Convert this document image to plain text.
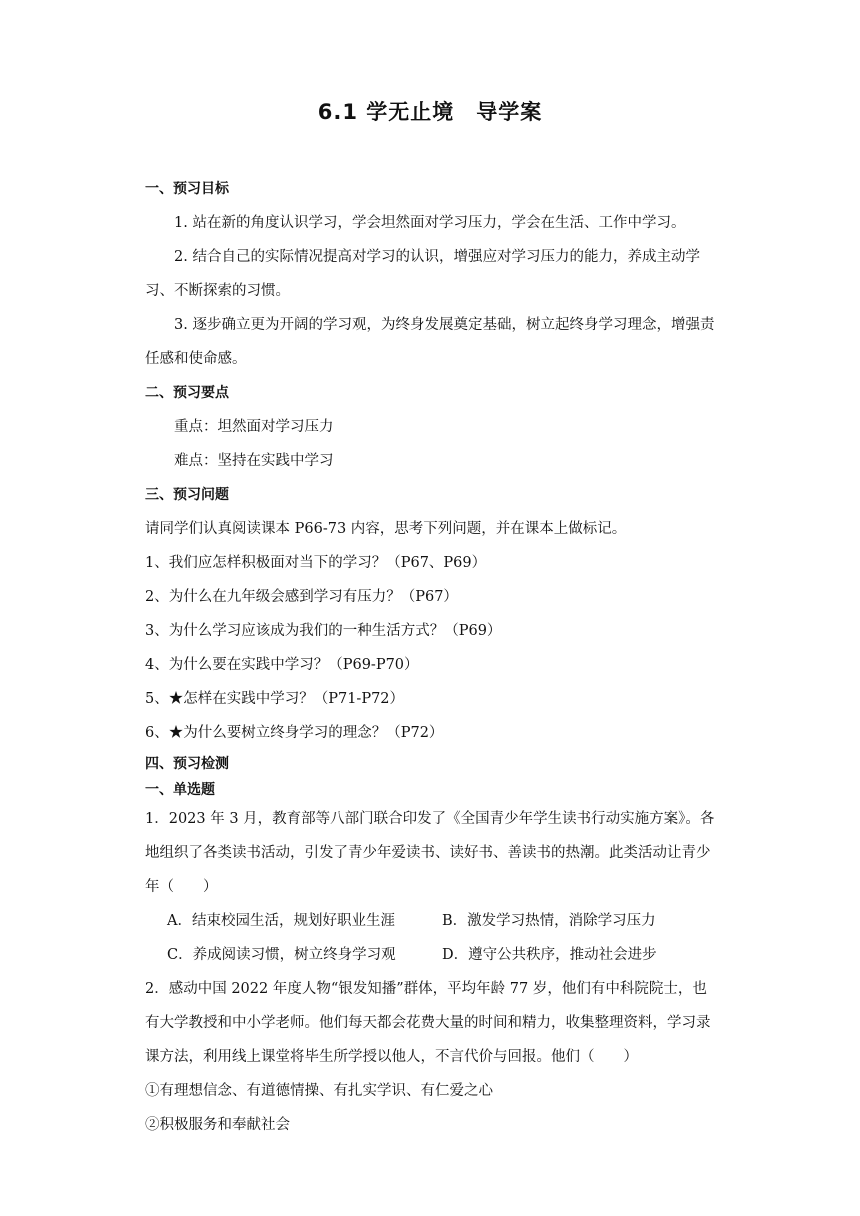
6.1 学无止境　导学案

一、预习目标

1. 站在新的角度认识学习，学会坦然面对学习压力，学会在生活、工作中学习。

2. 结合自己的实际情况提高对学习的认识，增强应对学习压力的能力，养成主动学习、不断探索的习惯。

3. 逐步确立更为开阔的学习观，为终身发展奠定基础，树立起终身学习理念，增强责任感和使命感。

二、预习要点

重点：坦然面对学习压力

难点：坚持在实践中学习

三、预习问题

请同学们认真阅读课本 P66-73 内容，思考下列问题，并在课本上做标记。

1、我们应怎样积极面对当下的学习？（P67、P69）

2、为什么在九年级会感到学习有压力？（P67）

3、为什么学习应该成为我们的一种生活方式？（P69）

4、为什么要在实践中学习？（P69-P70）

5、★怎样在实践中学习？（P71-P72）

6、★为什么要树立终身学习的理念？（P72）

四、预习检测

一、单选题

1．2023 年 3 月，教育部等八部门联合印发了《全国青少年学生读书行动实施方案》。各地组织了各类读书活动，引发了青少年爱读书、读好书、善读书的热潮。此类活动让青少年（　　）

A．结束校园生活，规划好职业生涯	B．激发学习热情，消除学习压力
C．养成阅读习惯，树立终身学习观	D．遵守公共秩序，推动社会进步

2．感动中国 2022 年度人物“银发知播”群体，平均年龄 77 岁，他们有中科院院士，也有大学教授和中小学老师。他们每天都会花费大量的时间和精力，收集整理资料，学习录课方法，利用线上课堂将毕生所学授以他人，不言代价与回报。他们（　　）

①有理想信念、有道德情操、有扎实学识、有仁爱之心

②积极服务和奉献社会
